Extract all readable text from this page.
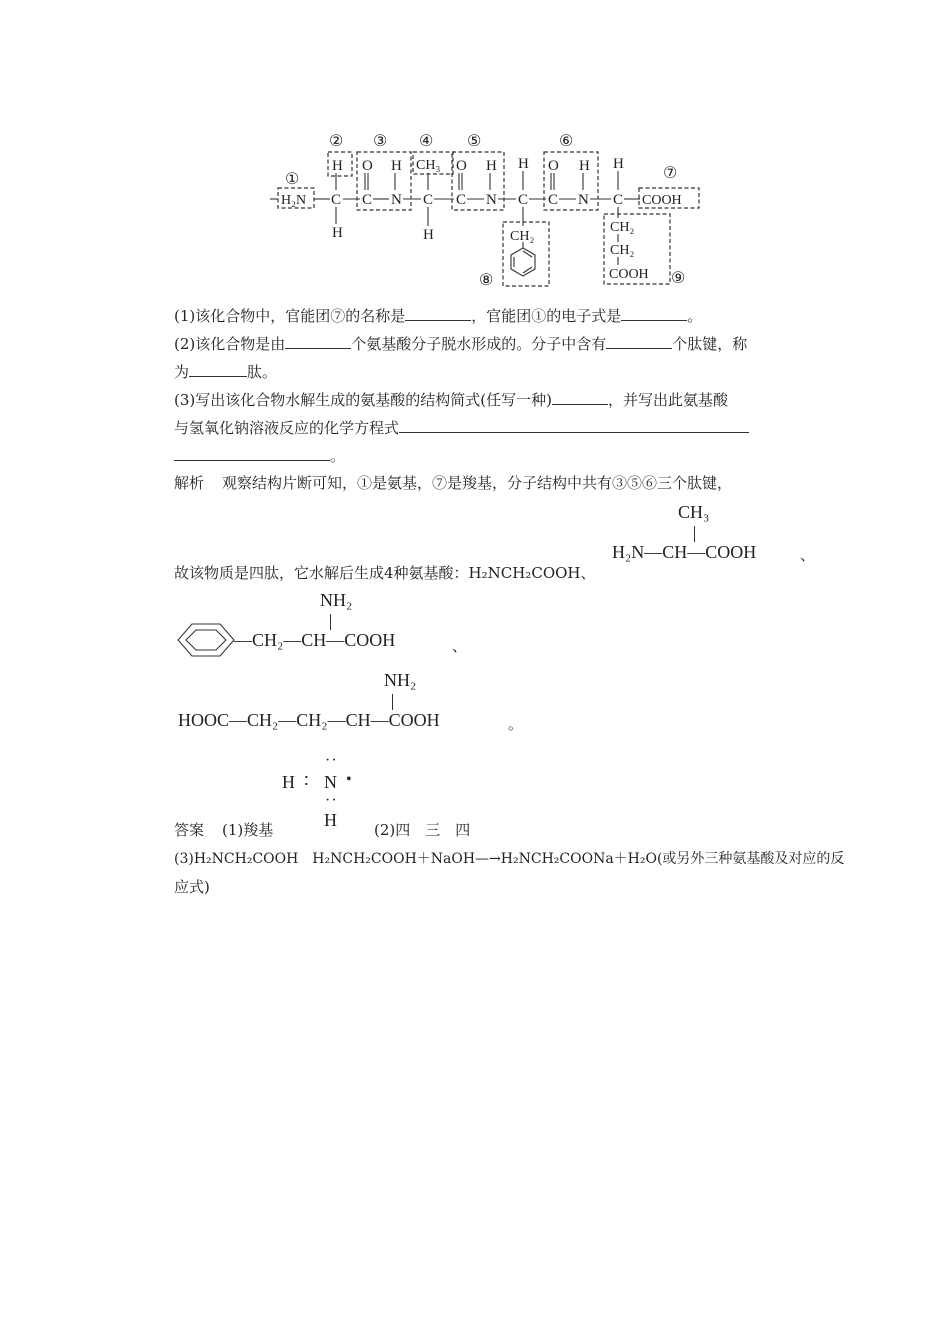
①
② ③ ④ ⑤	⑥
⑦
⑧	⑨
H₂N C
H
H
C
O
N
H
C
CH₃
H
C
O
N
H
C
H
CH₂
C
O
N
H
C
H
COOH
CH₂
CH₂
COOH
(1)该化合物中，官能团⑦的名称是	，官能团①的电子式是	。
(2)该化合物是由	个氨基酸分子脱水形成的。分子中含有	个肽键，称
为	肽。
(3)写出该化合物水解生成的氨基酸的结构简式(任写一种)	，并写出此氨基酸
与氢氧化钠溶液反应的化学方程式
。
解析 观察结构片断可知，①是氨基，⑦是羧基，分子结构中共有③⑤⑥三个肽键，
故该物质是四肽，它水解后生成4种氨基酸：H₂NCH₂COOH、
CH₃
H₂N—CH—COOH	、
NH₂
—CH₂—CH—COOH	、
NH₂
HOOC—CH₂—CH₂—CH—COOH	。
··
H ∶ N •
··
H
答案 (1)羧基	(2)四　三　四
(3)H₂NCH₂COOH　H₂NCH₂COOH＋NaOH—→H₂NCH₂COONa＋H₂O(或另外三种氨基酸及对应的反
应式)
